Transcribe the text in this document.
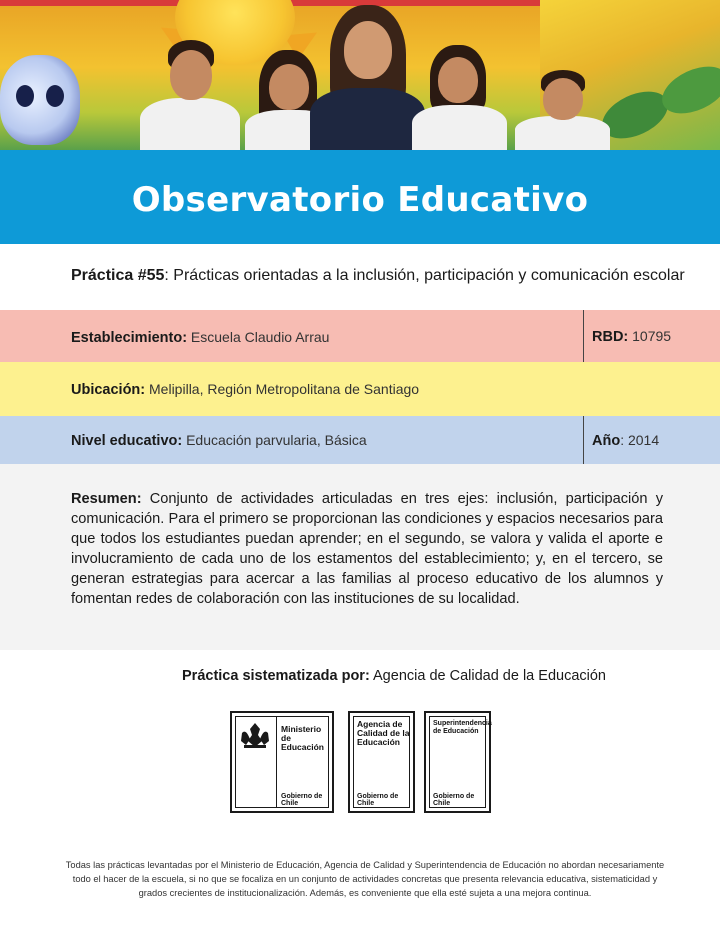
Observatorio Educativo
Práctica #55: Prácticas orientadas a la inclusión, participación y comunicación escolar
Establecimiento: Escuela Claudio Arrau	RBD: 10795
Ubicación: Melipilla, Región Metropolitana de Santiago
Nivel educativo: Educación parvularia, Básica	Año: 2014

Resumen: Conjunto de actividades articuladas en tres ejes: inclusión, participación y comunicación. Para el primero se proporcionan las condiciones y espacios necesarios para que todos los estudiantes puedan aprender; en el segundo, se valora y valida el aporte e involucramiento de cada uno de los estamentos del establecimiento; y, en el tercero, se generan estrategias para acercar a las familias al proceso educativo de los alumnos y fomentan redes de colaboración con las instituciones de su localidad.

Práctica sistematizada por: Agencia de Calidad de la Educación
Ministerio de Educación
Gobierno de Chile
Agencia de Calidad de la Educación
Gobierno de Chile
Superintendencia de Educación
Gobierno de Chile
Todas las prácticas levantadas por el Ministerio de Educación, Agencia de Calidad y Superintendencia de Educación no abordan necesariamente todo el hacer de la escuela, si no que se focaliza en un conjunto de actividades concretas que presenta relevancia educativa, sistematicidad y grados crecientes de institucionalización. Además, es conveniente que ella esté sujeta a una mejora continua.
